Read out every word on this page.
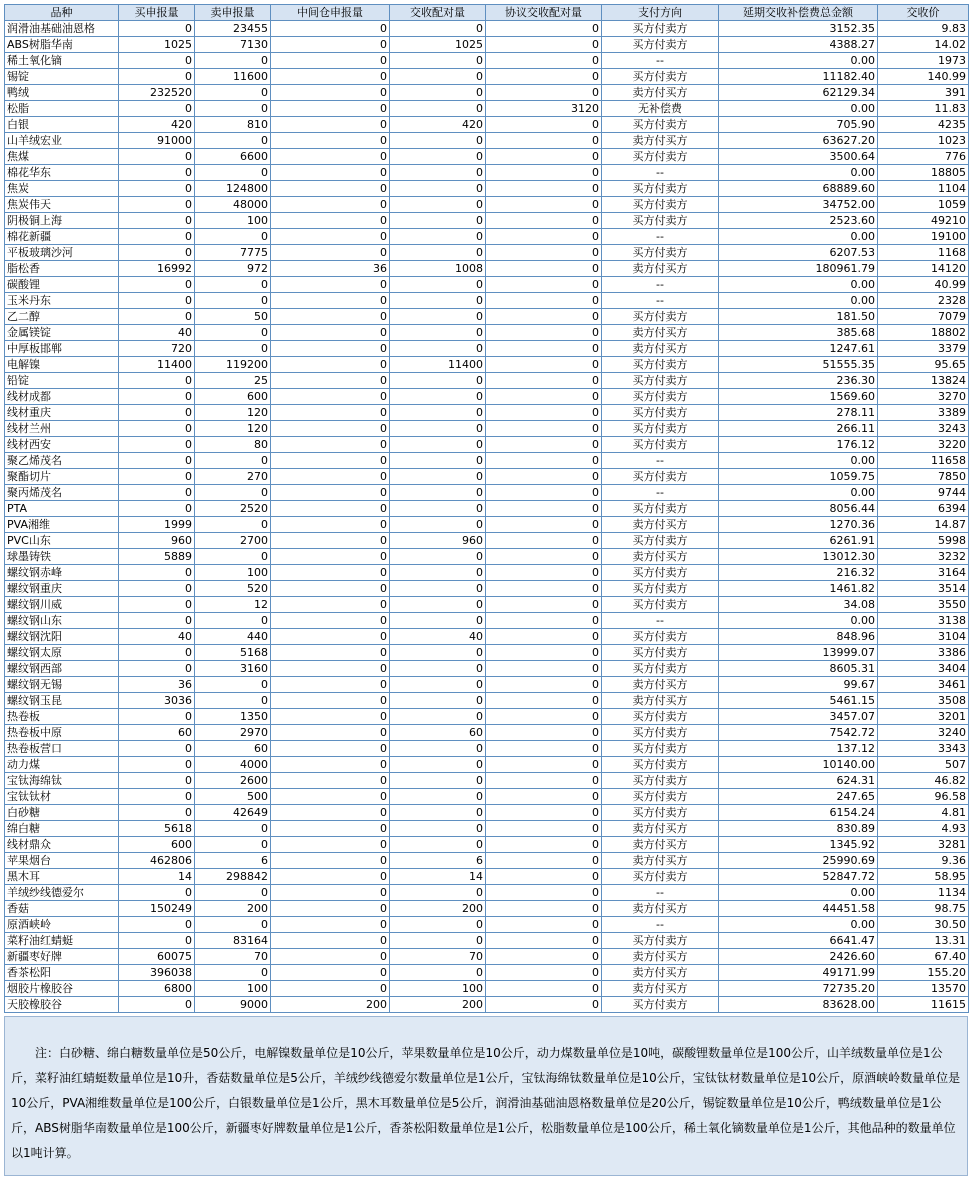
品种	买申报量	卖申报量	中间仓申报量	交收配对量	协议交收配对量	支付方向	延期交收补偿费总金额	交收价
润滑油基础油恩格	0	23455	0	0	0	买方付卖方	3152.35	9.83
ABS树脂华南	1025	7130	0	1025	0	买方付卖方	4388.27	14.02
稀土氧化镝	0	0	0	0	0	--	0.00	1973
锡锭	0	11600	0	0	0	买方付卖方	11182.40	140.99
鸭绒	232520	0	0	0	0	卖方付买方	62129.34	391
松脂	0	0	0	0	3120	无补偿费	0.00	11.83
白银	420	810	0	420	0	买方付卖方	705.90	4235
山羊绒宏业	91000	0	0	0	0	卖方付买方	63627.20	1023
焦煤	0	6600	0	0	0	买方付卖方	3500.64	776
棉花华东	0	0	0	0	0	--	0.00	18805
焦炭	0	124800	0	0	0	买方付卖方	68889.60	1104
焦炭伟天	0	48000	0	0	0	买方付卖方	34752.00	1059
阴极铜上海	0	100	0	0	0	买方付卖方	2523.60	49210
棉花新疆	0	0	0	0	0	--	0.00	19100
平板玻璃沙河	0	7775	0	0	0	买方付卖方	6207.53	1168
脂松香	16992	972	36	1008	0	卖方付买方	180961.79	14120
碳酸锂	0	0	0	0	0	--	0.00	40.99
玉米丹东	0	0	0	0	0	--	0.00	2328
乙二醇	0	50	0	0	0	买方付卖方	181.50	7079
金属镁锭	40	0	0	0	0	卖方付买方	385.68	18802
中厚板邯郸	720	0	0	0	0	卖方付买方	1247.61	3379
电解镍	11400	119200	0	11400	0	买方付卖方	51555.35	95.65
铅锭	0	25	0	0	0	买方付卖方	236.30	13824
线材成都	0	600	0	0	0	买方付卖方	1569.60	3270
线材重庆	0	120	0	0	0	买方付卖方	278.11	3389
线材兰州	0	120	0	0	0	买方付卖方	266.11	3243
线材西安	0	80	0	0	0	买方付卖方	176.12	3220
聚乙烯茂名	0	0	0	0	0	--	0.00	11658
聚酯切片	0	270	0	0	0	买方付卖方	1059.75	7850
聚丙烯茂名	0	0	0	0	0	--	0.00	9744
PTA	0	2520	0	0	0	买方付卖方	8056.44	6394
PVA湘维	1999	0	0	0	0	卖方付买方	1270.36	14.87
PVC山东	960	2700	0	960	0	买方付卖方	6261.91	5998
球墨铸铁	5889	0	0	0	0	卖方付买方	13012.30	3232
螺纹钢赤峰	0	100	0	0	0	买方付卖方	216.32	3164
螺纹钢重庆	0	520	0	0	0	买方付卖方	1461.82	3514
螺纹钢川威	0	12	0	0	0	买方付卖方	34.08	3550
螺纹钢山东	0	0	0	0	0	--	0.00	3138
螺纹钢沈阳	40	440	0	40	0	买方付卖方	848.96	3104
螺纹钢太原	0	5168	0	0	0	买方付卖方	13999.07	3386
螺纹钢西部	0	3160	0	0	0	买方付卖方	8605.31	3404
螺纹钢无锡	36	0	0	0	0	卖方付买方	99.67	3461
螺纹钢玉昆	3036	0	0	0	0	卖方付买方	5461.15	3508
热卷板	0	1350	0	0	0	买方付卖方	3457.07	3201
热卷板中原	60	2970	0	60	0	买方付卖方	7542.72	3240
热卷板营口	0	60	0	0	0	买方付卖方	137.12	3343
动力煤	0	4000	0	0	0	买方付卖方	10140.00	507
宝钛海绵钛	0	2600	0	0	0	买方付卖方	624.31	46.82
宝钛钛材	0	500	0	0	0	买方付卖方	247.65	96.58
白砂糖	0	42649	0	0	0	买方付卖方	6154.24	4.81
绵白糖	5618	0	0	0	0	卖方付买方	830.89	4.93
线材鼎众	600	0	0	0	0	卖方付买方	1345.92	3281
苹果烟台	462806	6	0	6	0	卖方付买方	25990.69	9.36
黑木耳	14	298842	0	14	0	买方付卖方	52847.72	58.95
羊绒纱线德爱尔	0	0	0	0	0	--	0.00	1134
香菇	150249	200	0	200	0	卖方付买方	44451.58	98.75
原酒峡岭	0	0	0	0	0	--	0.00	30.50
菜籽油红蜻蜓	0	83164	0	0	0	买方付卖方	6641.47	13.31
新疆枣好牌	60075	70	0	70	0	卖方付买方	2426.60	67.40
香茶松阳	396038	0	0	0	0	卖方付买方	49171.99	155.20
烟胶片橡胶谷	6800	100	0	100	0	卖方付买方	72735.20	13570
天胶橡胶谷	0	9000	200	200	0	买方付卖方	83628.00	11615
注：白砂糖、绵白糖数量单位是50公斤，电解镍数量单位是10公斤，苹果数量单位是10公斤，动力煤数量单位是10吨，碳酸锂数量单位是100公斤，山羊绒数量单位是1公斤，菜籽油红蜻蜓数量单位是10升，香菇数量单位是5公斤，羊绒纱线德爱尔数量单位是1公斤，宝钛海绵钛数量单位是10公斤，宝钛钛材数量单位是10公斤，原酒峡岭数量单位是10公斤，PVA湘维数量单位是100公斤，白银数量单位是1公斤，黑木耳数量单位是5公斤，润滑油基础油恩格数量单位是20公斤，锡锭数量单位是10公斤，鸭绒数量单位是1公斤，ABS树脂华南数量单位是100公斤，新疆枣好牌数量单位是1公斤，香茶松阳数量单位是1公斤，松脂数量单位是100公斤，稀土氧化镝数量单位是1公斤，其他品种的数量单位以1吨计算。
